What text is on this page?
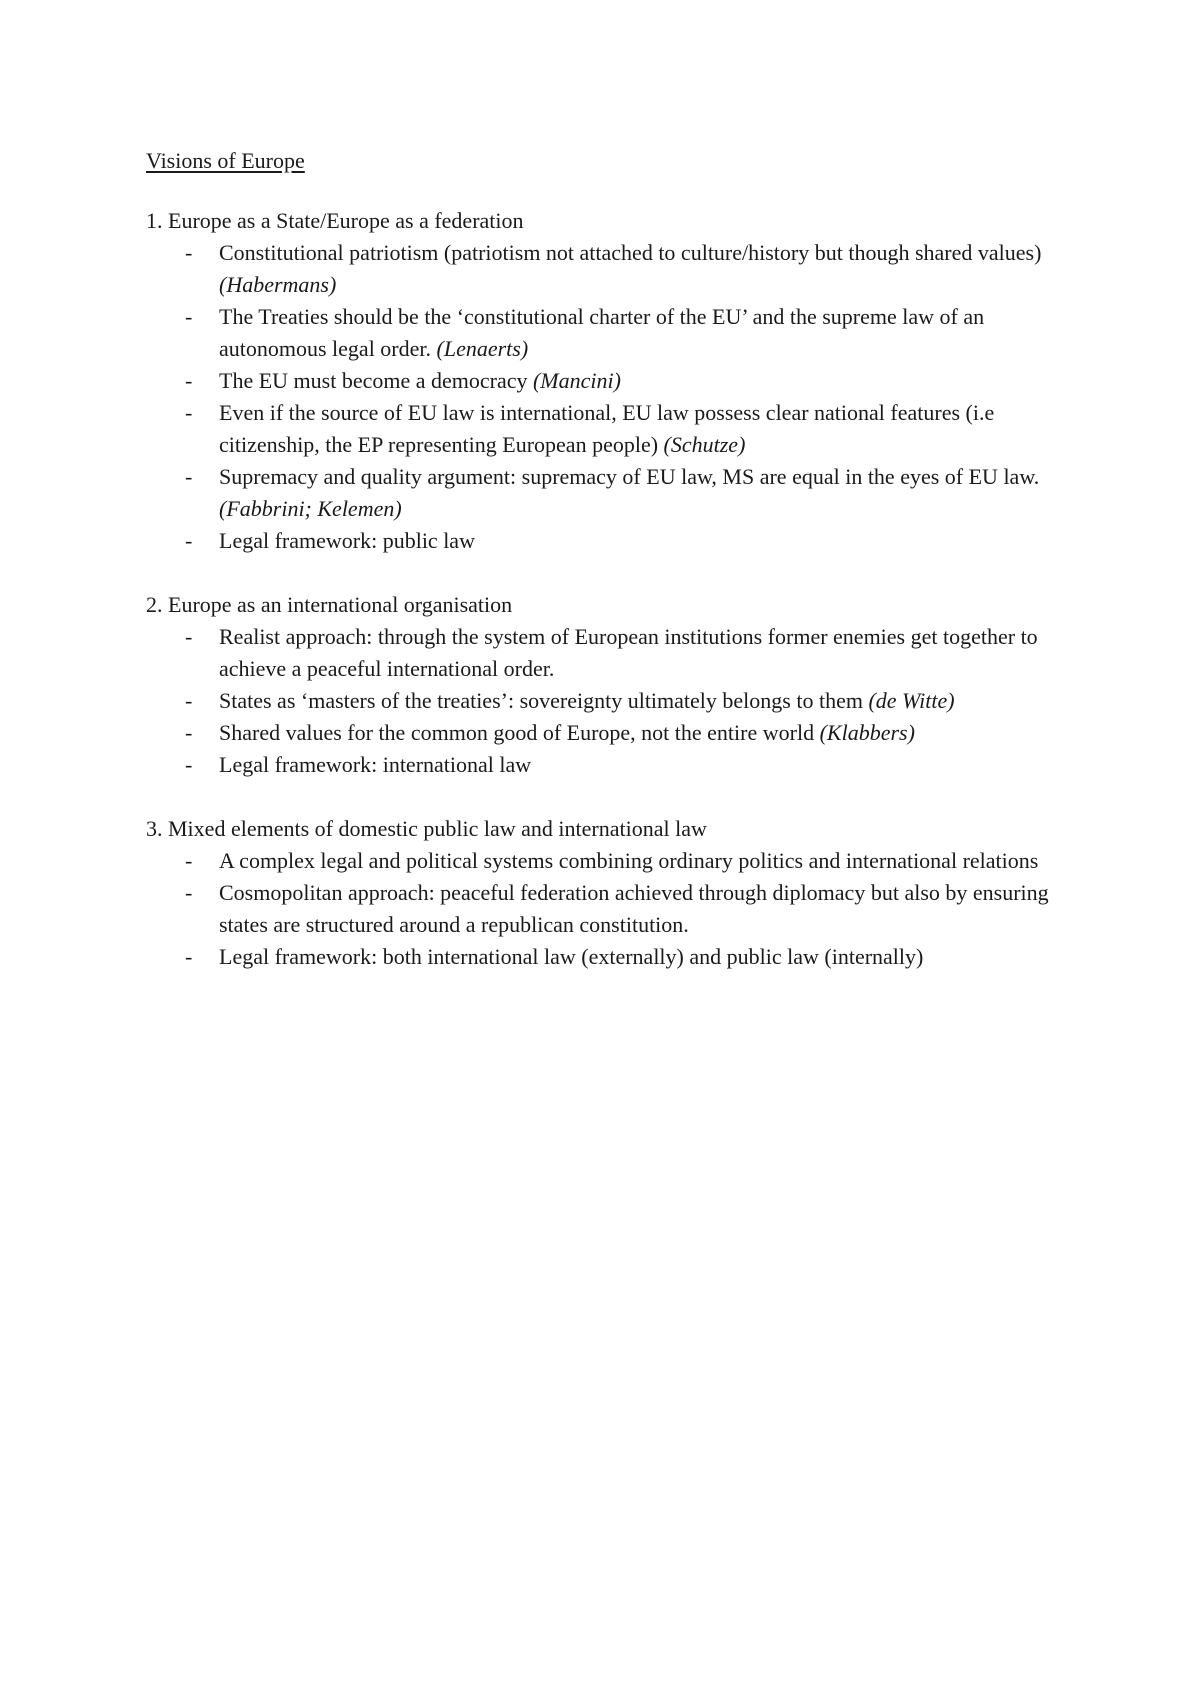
Visions of Europe
1. Europe as a State/Europe as a federation
- Constitutional patriotism (patriotism not attached to culture/history but though shared values) (Habermans)
- The Treaties should be the ‘constitutional charter of the EU’ and the supreme law of an autonomous legal order. (Lenaerts)
- The EU must become a democracy (Mancini)
- Even if the source of EU law is international, EU law possess clear national features (i.e citizenship, the EP representing European people) (Schutze)
- Supremacy and quality argument: supremacy of EU law, MS are equal in the eyes of EU law. (Fabbrini; Kelemen)
- Legal framework: public law
2. Europe as an international organisation
- Realist approach: through the system of European institutions former enemies get together to achieve a peaceful international order.
- States as ‘masters of the treaties’: sovereignty ultimately belongs to them (de Witte)
- Shared values for the common good of Europe, not the entire world (Klabbers)
- Legal framework: international law
3. Mixed elements of domestic public law and international law
- A complex legal and political systems combining ordinary politics and international relations
- Cosmopolitan approach: peaceful federation achieved through diplomacy but also by ensuring states are structured around a republican constitution.
- Legal framework: both international law (externally) and public law (internally)
